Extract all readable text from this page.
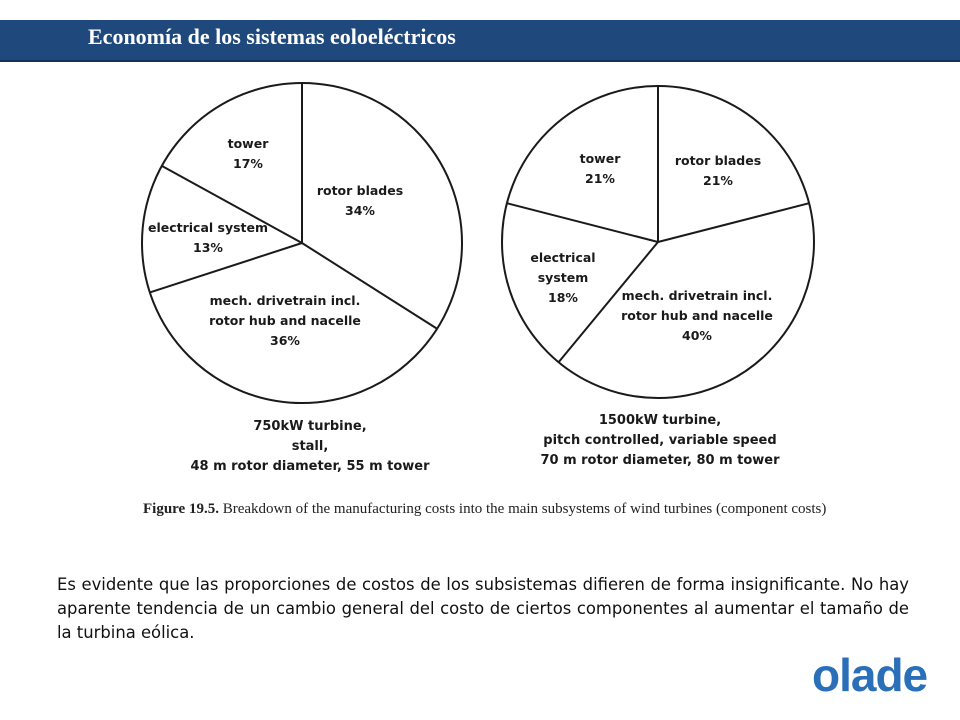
Economía de los sistemas eoloeléctricos
rotor blades 34%
mech. drivetrain incl. rotor hub and nacelle 36%
electrical system 13%
tower 17%
750kW turbine, stall, 48 m rotor diameter, 55 m tower
rotor blades 21%
mech. drivetrain incl. rotor hub and nacelle 40%
electrical system 18%
tower 21%
1500kW turbine, pitch controlled, variable speed 70 m rotor diameter, 80 m tower
Figure 19.5. Breakdown of the manufacturing costs into the main subsystems of wind turbines (component costs)
Es evidente que las proporciones de costos de los subsistemas difieren de forma insignificante. No hay aparente tendencia de un cambio general del costo de ciertos componentes al aumentar el tamaño de la turbina eólica.
olade
